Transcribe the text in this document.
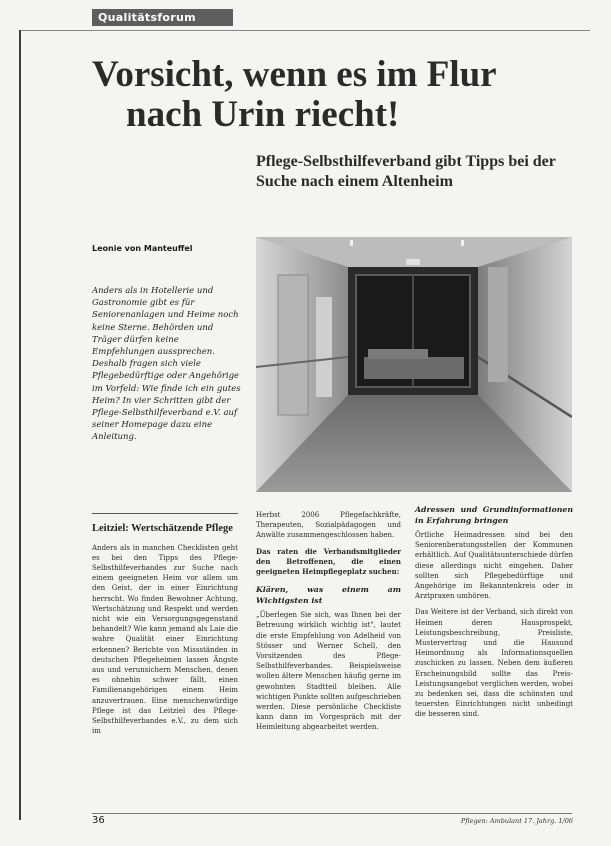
Qualitätsforum
Vorsicht, wenn es im Flur
nach Urin riecht!
Pflege-Selbsthilfeverband gibt Tipps bei der Suche nach einem Altenheim
Leonie von Manteuffel

Anders als in Hotellerie und Gastronomie gibt es für Seniorenanlagen und Heime noch keine Sterne. Behörden und Träger dürfen keine Empfehlungen aussprechen. Deshalb fragen sich viele Pflegebedürftige oder Angehörige im Vorfeld: Wie finde ich ein gutes Heim? In vier Schritten gibt der Pflege-Selbsthilfeverband e.V. auf seiner Homepage dazu eine Anleitung.

Leitziel: Wertschätzende Pflege

Anders als in manchen Checklisten geht es bei den Tipps des Pflege-Selbsthilfeverbandes zur Suche nach einem geeigneten Heim vor allem um den Geist, der in einer Einrichtung herrscht. Wo finden Bewohner Achtung, Wertschätzung und Respekt und werden nicht wie ein Versorgungsgegenstand behandelt? Wie kann jemand als Laie die wahre Qualität einer Einrichtung erkennen? Berichte von Missständen in deutschen Pflegeheimen lassen Ängste aus und verunsichern Menschen, denen es ohnehin schwer fällt, einen Familienangehörigen einem Heim anzuvertrauen. Eine menschenwürdige Pflege ist das Leitziel des Pflege-Selbsthilfeverbandes e.V., zu dem sich im

Herbst 2006 Pflegefachkräfte, Therapeuten, Sozialpädagogen und Anwälte zusammengeschlossen haben.

Das raten die Verbandsmitglieder den Betroffenen, die einen geeigneten Heimpflegeplatz suchen:

Klären, was einem am Wichtigsten ist

„Überlegen Sie sich, was Ihnen bei der Betreuung wirklich wichtig ist", lautet die erste Empfehlung von Adelheid von Stösser und Werner Schell, den Vorsitzenden des Pflege-Selbsthilfeverbandes. Beispielsweise wollen ältere Menschen häufig gerne im gewohnten Stadtteil bleiben. Alle wichtigen Punkte sollten aufgeschrieben werden. Diese persönliche Checkliste kann dann im Vorgespräch mit der Heimleitung abgearbeitet werden.

Adressen und Grundinformationen in Erfahrung bringen

Örtliche Heimadressen sind bei den Seniorenberatungsstellen der Kommunen erhältlich. Auf Qualitätsunterschiede dürfen diese allerdings nicht eingehen. Daher sollten sich Pflegebedürftige und Angehörige im Bekanntenkreis oder in Arztpraxen umhören.

Das Weitere ist der Verband, sich direkt von Heimen deren Hausprospekt, Leistungsbeschreibung, Preisliste, Mustervertrag und die Hausund Heimordnung als Informationsquellen zuschicken zu lassen. Neben dem äußeren Erscheinungsbild sollte das Preis-Leistungsangebot verglichen werden, wobei zu bedenken sei, dass die schönsten und teuersten Einrichtungen nicht unbedingt die besseren sind.

36	Pflegen: Ambulant 17. Jahrg. 1/06
